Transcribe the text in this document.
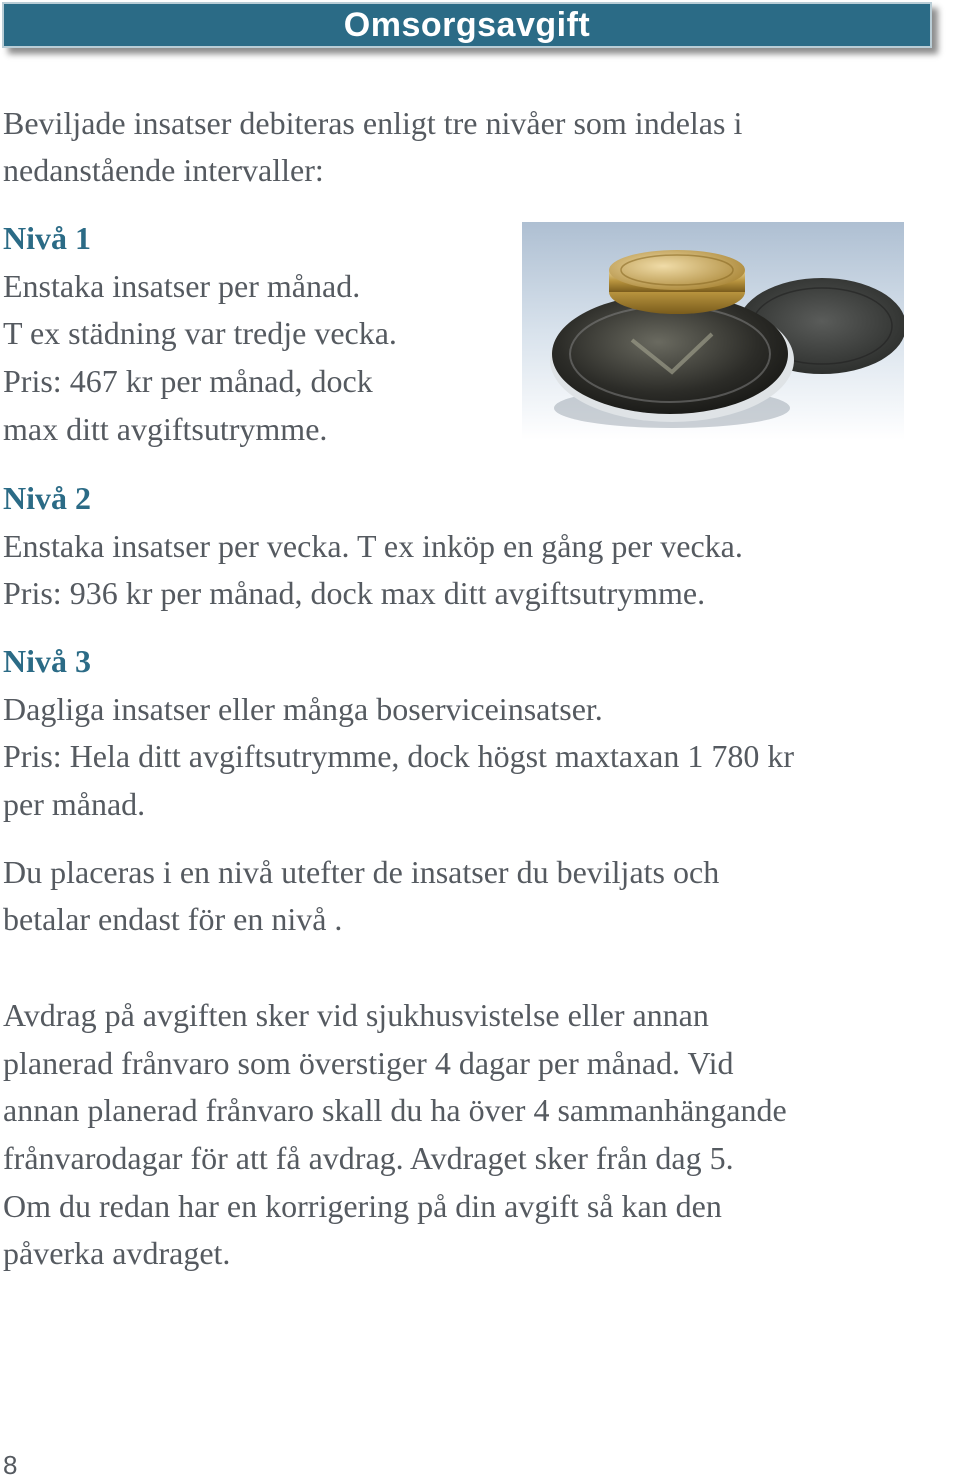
Omsorgsavgift

Beviljade insatser debiteras enligt tre nivåer som indelas i

nedanstående intervaller:

Nivå 1

Enstaka insatser per månad.

T ex städning var tredje vecka.

Pris: 467 kr per månad, dock

max ditt avgiftsutrymme.

Nivå 2

Enstaka insatser per vecka. T ex inköp en gång per vecka.

Pris: 936 kr per månad, dock max ditt avgiftsutrymme.

Nivå 3

Dagliga insatser eller många boserviceinsatser.

Pris: Hela ditt avgiftsutrymme, dock högst maxtaxan 1 780 kr

per månad.

Du placeras i en nivå utefter de insatser du beviljats och

betalar endast för en nivå .

Avdrag på avgiften sker vid sjukhusvistelse eller annan

planerad frånvaro som överstiger 4 dagar per månad. Vid

annan planerad frånvaro skall du ha över 4 sammanhängande

frånvarodagar för att få avdrag. Avdraget sker från dag 5.

Om du redan har en korrigering på din avgift så kan den

påverka avdraget.

8
